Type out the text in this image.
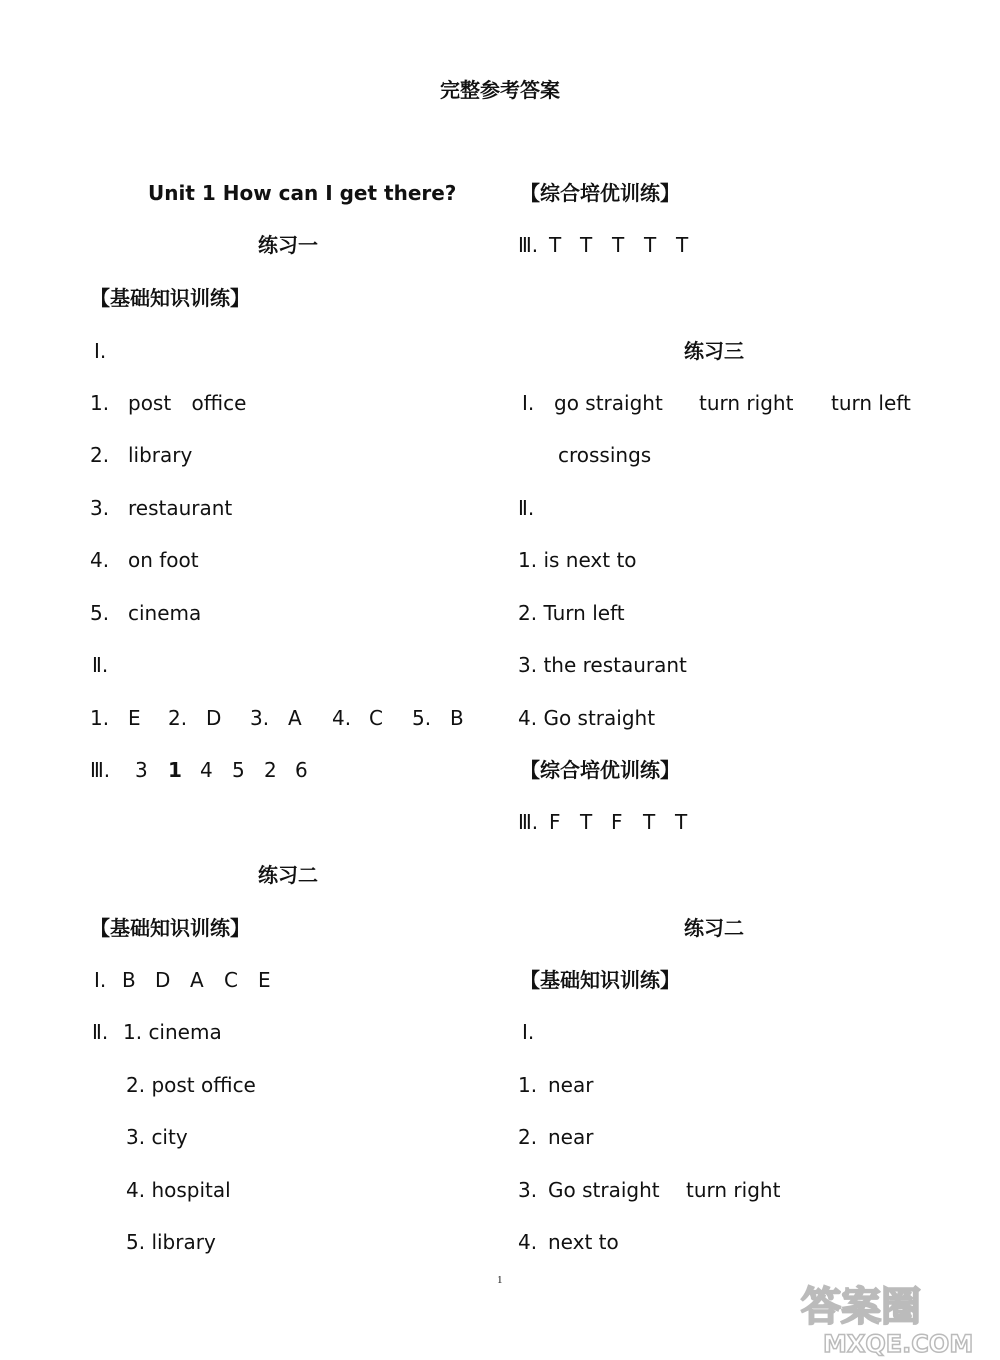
完整参考答案
Unit 1 How can I get there?
练习一
【基础知识训练】
Ⅰ.
1. post office
2. library
3. restaurant
4. on foot
5. cinema
Ⅱ.
1. E 2. D 3. A 4. C 5. B
Ⅲ. 3 1 4 5 2 6
练习二
【基础知识训练】
Ⅰ. B D A C E
Ⅱ. 1. cinema
2. post office
3. city
4. hospital
5. library
【综合培优训练】
Ⅲ. T T T T T
练习三
Ⅰ. go straight turn right turn left
crossings
Ⅱ.
1. is next to
2. Turn left
3. the restaurant
4. Go straight
【综合培优训练】
Ⅲ. F T F T T
练习二
【基础知识训练】
Ⅰ.
1. near
2. near
3. Go straight turn right
4. next to
1
答案圈
MXQE.COM
